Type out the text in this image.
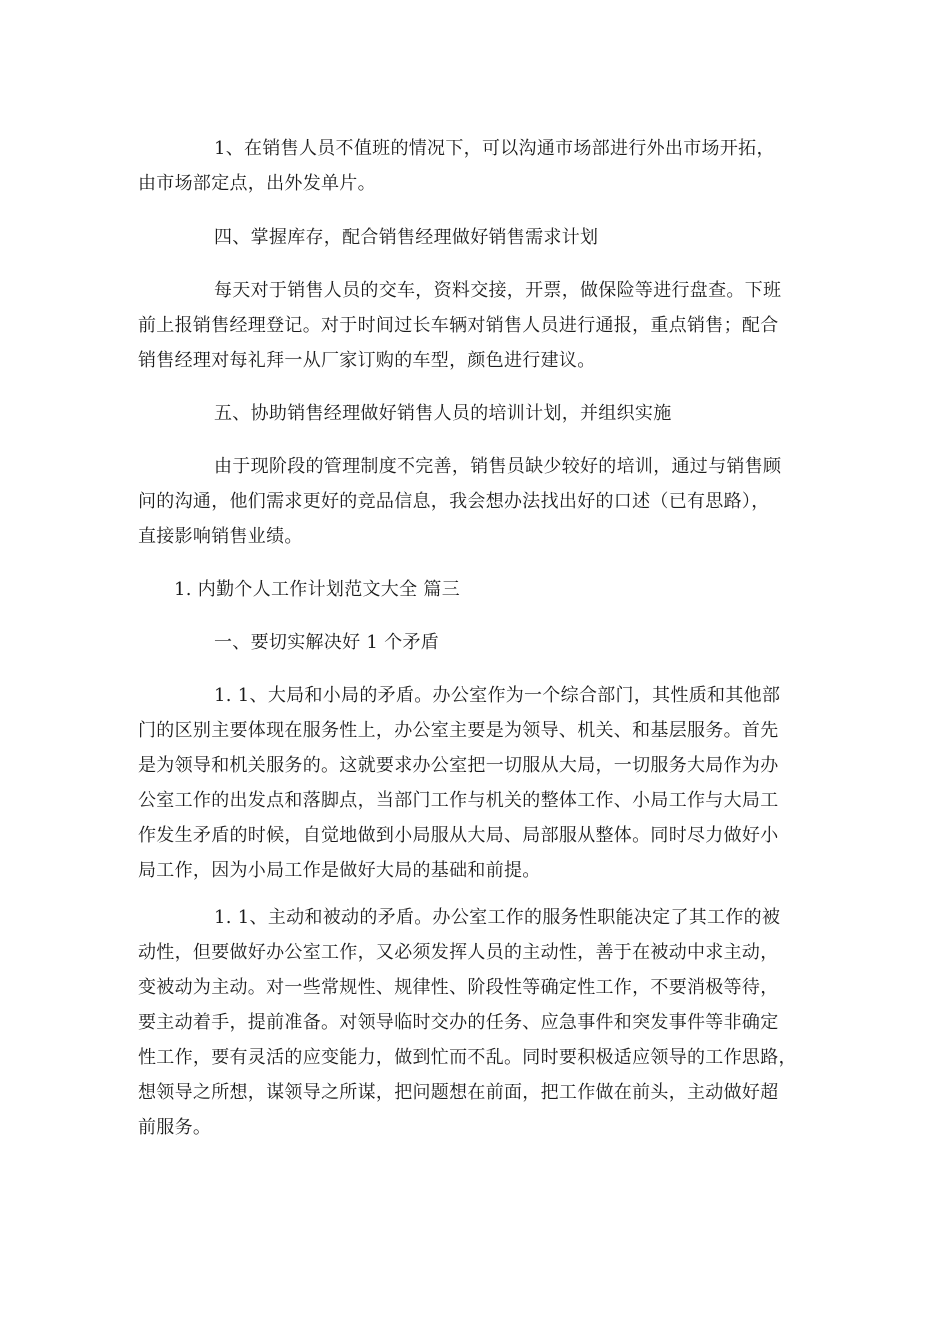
1、在销售人员不值班的情况下，可以沟通市场部进行外出市场开拓，
由市场部定点，出外发单片。

四、掌握库存，配合销售经理做好销售需求计划

每天对于销售人员的交车，资料交接，开票，做保险等进行盘查。下班
前上报销售经理登记。对于时间过长车辆对销售人员进行通报，重点销售；配合
销售经理对每礼拜一从厂家订购的车型，颜色进行建议。

五、协助销售经理做好销售人员的培训计划，并组织实施

由于现阶段的管理制度不完善，销售员缺少较好的培训，通过与销售顾
问的沟通，他们需求更好的竞品信息，我会想办法找出好的口述（已有思路），
直接影响销售业绩。

1. 内勤个人工作计划范文大全 篇三

一、要切实解决好 1 个矛盾

1. 1、大局和小局的矛盾。办公室作为一个综合部门，其性质和其他部
门的区别主要体现在服务性上，办公室主要是为领导、机关、和基层服务。首先
是为领导和机关服务的。这就要求办公室把一切服从大局，一切服务大局作为办
公室工作的出发点和落脚点，当部门工作与机关的整体工作、小局工作与大局工
作发生矛盾的时候，自觉地做到小局服从大局、局部服从整体。同时尽力做好小
局工作，因为小局工作是做好大局的基础和前提。

1. 1、主动和被动的矛盾。办公室工作的服务性职能决定了其工作的被
动性，但要做好办公室工作，又必须发挥人员的主动性，善于在被动中求主动，
变被动为主动。对一些常规性、规律性、阶段性等确定性工作，不要消极等待，
要主动着手，提前准备。对领导临时交办的任务、应急事件和突发事件等非确定
性工作，要有灵活的应变能力，做到忙而不乱。同时要积极适应领导的工作思路，
想领导之所想，谋领导之所谋，把问题想在前面，把工作做在前头，主动做好超
前服务。
